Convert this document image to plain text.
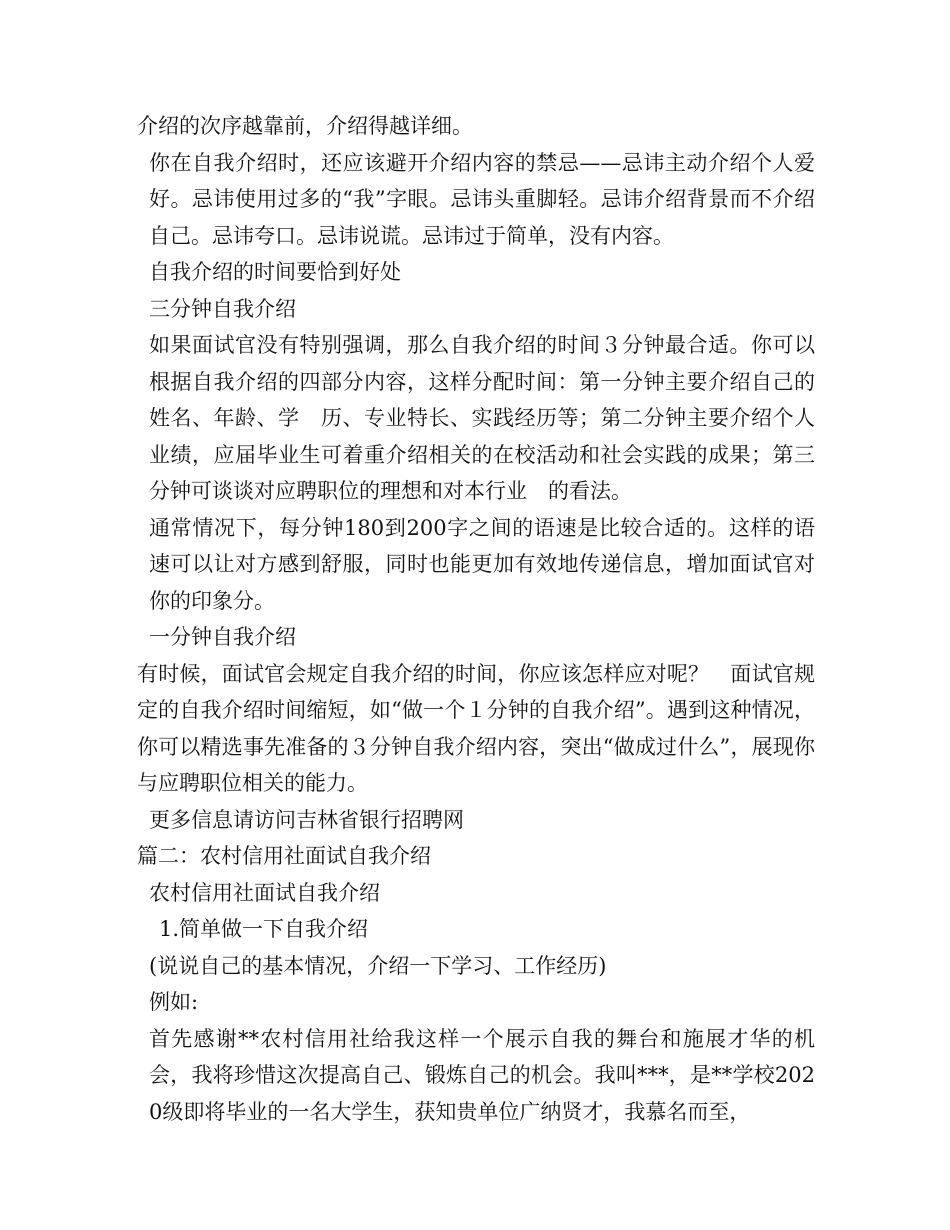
介绍的次序越靠前，介绍得越详细。

你在自我介绍时，还应该避开介绍内容的禁忌——忌讳主动介绍个人爱好。忌讳使用过多的“我”字眼。忌讳头重脚轻。忌讳介绍背景而不介绍自己。忌讳夸口。忌讳说谎。忌讳过于简单，没有内容。

自我介绍的时间要恰到好处

三分钟自我介绍

如果面试官没有特别强调，那么自我介绍的时间３分钟最合适。你可以根据自我介绍的四部分内容，这样分配时间：第一分钟主要介绍自己的姓名、年龄、学　历、专业特长、实践经历等；第二分钟主要介绍个人业绩，应届毕业生可着重介绍相关的在校活动和社会实践的成果；第三分钟可谈谈对应聘职位的理想和对本行业　的看法。

通常情况下，每分钟180到200字之间的语速是比较合适的。这样的语速可以让对方感到舒服，同时也能更加有效地传递信息，增加面试官对你的印象分。

一分钟自我介绍

有时候，面试官会规定自我介绍的时间，你应该怎样应对呢？　面试官规定的自我介绍时间缩短，如“做一个１分钟的自我介绍”。遇到这种情况，你可以精选事先准备的３分钟自我介绍内容，突出“做成过什么”，展现你与应聘职位相关的能力。

更多信息请访问吉林省银行招聘网

篇二：农村信用社面试自我介绍

农村信用社面试自我介绍

1.简单做一下自我介绍

(说说自己的基本情况，介绍一下学习、工作经历)

例如:

首先感谢**农村信用社给我这样一个展示自我的舞台和施展才华的机会，我将珍惜这次提高自己、锻炼自己的机会。我叫***，是**学校2020级即将毕业的一名大学生，获知贵单位广纳贤才，我慕名而至，
